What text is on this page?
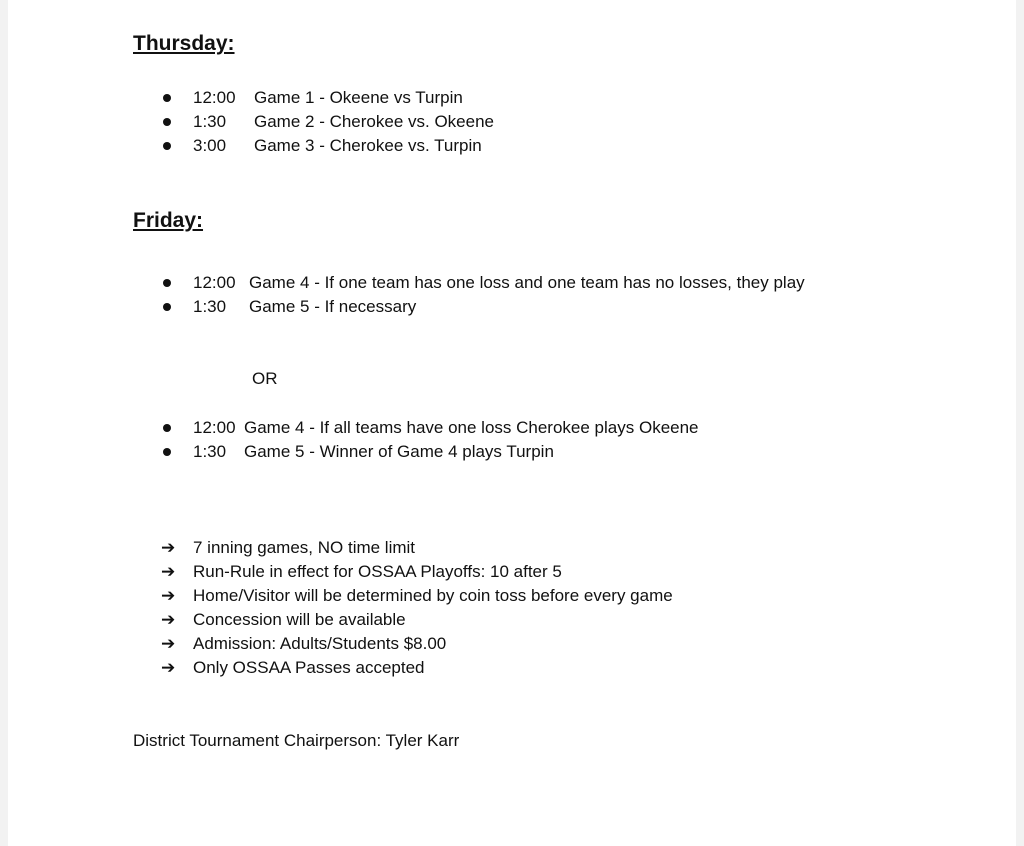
Thursday:
12:00 Game 1 - Okeene vs Turpin
1:30 Game 2 - Cherokee vs. Okeene
3:00 Game 3 - Cherokee vs. Turpin
Friday:
12:00 Game 4 - If one team has one loss and one team has no losses, they play
1:30 Game 5 - If necessary
OR
12:00 Game 4 - If all teams have one loss Cherokee plays Okeene
1:30 Game 5 - Winner of Game 4 plays Turpin
➔ 7 inning games, NO time limit
➔ Run-Rule in effect for OSSAA Playoffs: 10 after 5
➔ Home/Visitor will be determined by coin toss before every game
➔ Concession will be available
➔ Admission: Adults/Students $8.00
➔ Only OSSAA Passes accepted
District Tournament Chairperson: Tyler Karr
